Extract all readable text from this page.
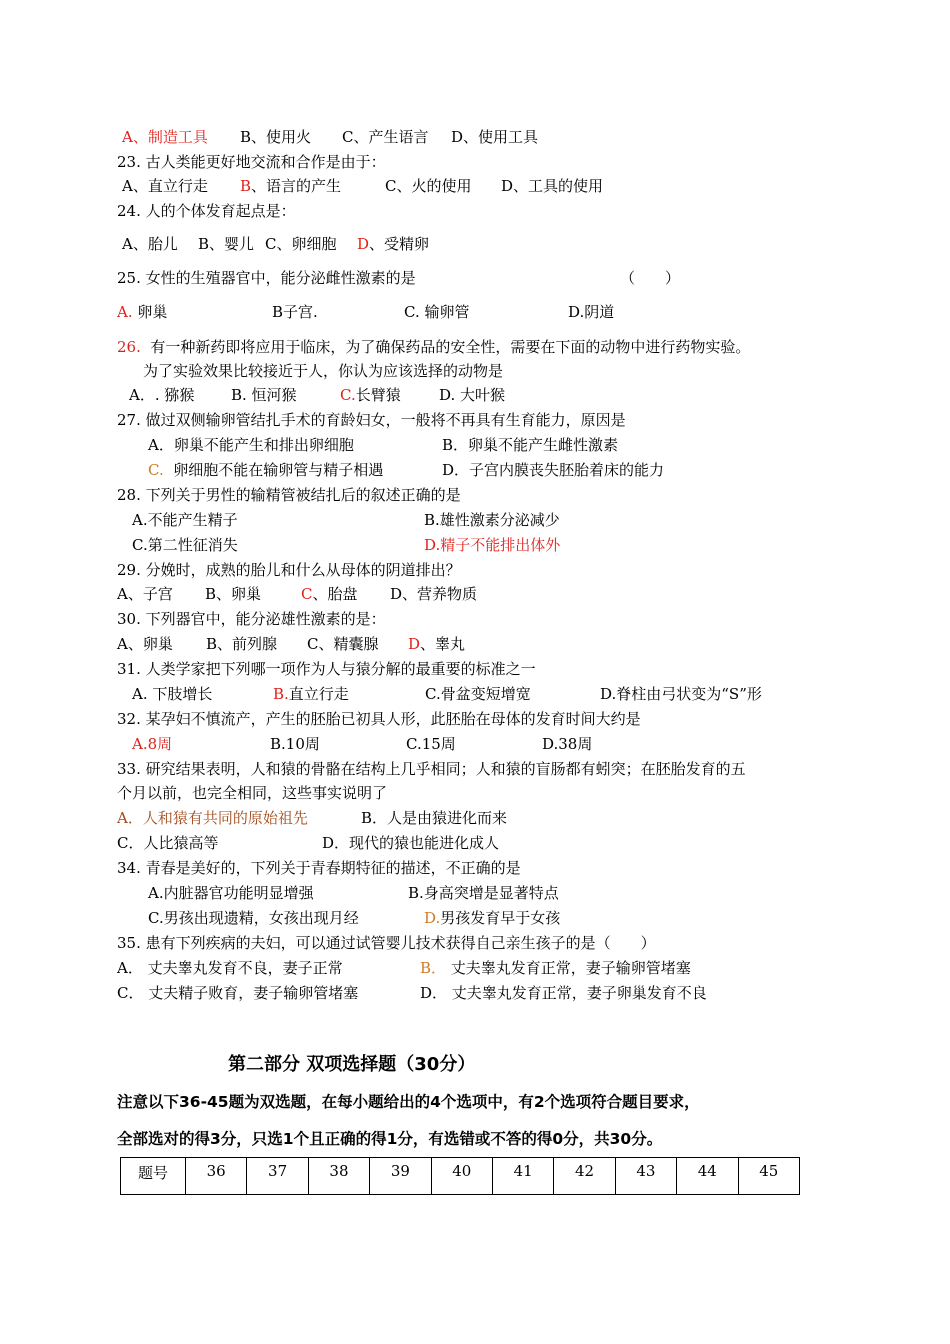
A、制造工具 B、使用火 C、产生语言 D、使用工具
23. 古人类能更好地交流和合作是由于：
A、直立行走 B、语言的产生	C、火的使用 D、工具的使用
24. 人的个体发育起点是：
A、胎儿 B、婴儿 C、卵细胞 D、受精卵
25. 女性的生殖器官中，能分泌雌性激素的是	（　　）
A. 卵巢	B子宫.	C. 输卵管	D.阴道
26. 有一种新药即将应用于临床，为了确保药品的安全性，需要在下面的动物中进行药物实验。
为了实验效果比较接近于人，你认为应该选择的动物是
A．. 猕猴 B. 恒河猴	C.长臂猿	D. 大叶猴
27. 做过双侧输卵管结扎手术的育龄妇女，一般将不再具有生育能力，原因是
A．卵巢不能产生和排出卵细胞	B．卵巢不能产生雌性激素
C. 卵细胞不能在输卵管与精子相遇	D．子宫内膜丧失胚胎着床的能力
28. 下列关于男性的输精管被结扎后的叙述正确的是
A.不能产生精子	B.雄性激素分泌减少
C.第二性征消失	D.精子不能排出体外
29. 分娩时，成熟的胎儿和什么从母体的阴道排出？
A、子宫 B、卵巢	C、胎盘 D、营养物质
30. 下列器官中，能分泌雄性激素的是：
A、卵巢 B、前列腺 C、精囊腺 D、睾丸
31. 人类学家把下列哪一项作为人与猿分解的最重要的标准之一
A. 下肢增长	B.直立行走	C.骨盆变短增宽	D.脊柱由弓状变为“S”形
32. 某孕妇不慎流产，产生的胚胎已初具人形，此胚胎在母体的发育时间大约是
A.8周	B.10周	C.15周	D.38周
33. 研究结果表明，人和猿的骨骼在结构上几乎相同；人和猿的盲肠都有蚓突；在胚胎发育的五
个月以前，也完全相同，这些事实说明了
A．人和猿有共同的原始祖先	B．人是由猿进化而来
C．人比猿高等	D．现代的猿也能进化成人
34. 青春是美好的，下列关于青春期特征的描述，不正确的是
A.内脏器官功能明显增强	B.身高突增是显著特点
C.男孩出现遗精，女孩出现月经	D.男孩发育早于女孩
35. 患有下列疾病的夫妇，可以通过试管婴儿技术获得自己亲生孩子的是（　　）
A． 丈夫睾丸发育不良，妻子正常	B． 丈夫睾丸发育正常，妻子输卵管堵塞
C． 丈夫精子败育，妻子输卵管堵塞	D． 丈夫睾丸发育正常，妻子卵巢发育不良
第二部分 双项选择题（30分）
注意以下36-45题为双选题，在每小题给出的4个选项中，有2个选项符合题目要求，
全部选对的得3分，只选1个且正确的得1分，有选错或不答的得0分，共30分。
题号	36	37	38	39	40	41	42	43	44	45
